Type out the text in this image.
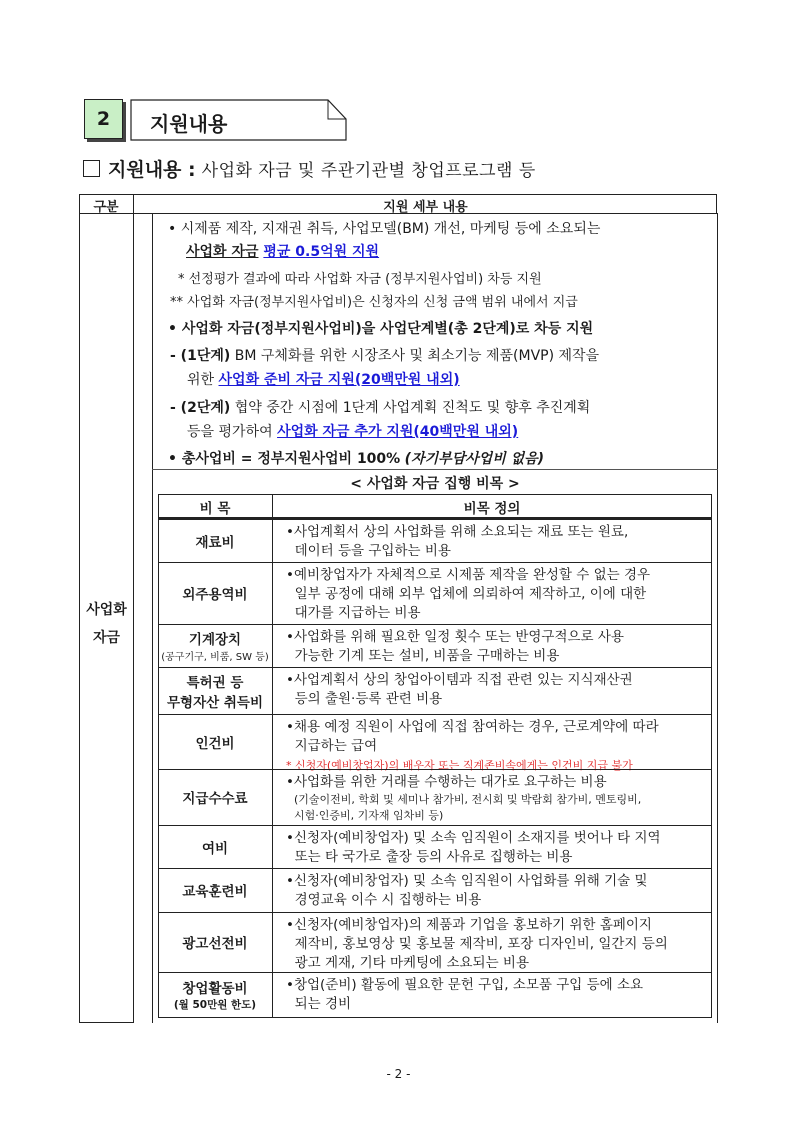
2 지원내용
지원내용 : 사업화 자금 및 주관기관별 창업프로그램 등
구분	지원 세부 내용
사업화
자금
• 시제품 제작, 지재권 취득, 사업모델(BM) 개선, 마케팅 등에 소요되는
사업화 자금 평균 0.5억원 지원
* 선정평가 결과에 따라 사업화 자금 (정부지원사업비) 차등 지원
** 사업화 자금(정부지원사업비)은 신청자의 신청 금액 범위 내에서 지급
• 사업화 자금(정부지원사업비)을 사업단계별(총 2단계)로 차등 지원
- (1단계) BM 구체화를 위한 시장조사 및 최소기능 제품(MVP) 제작을
위한 사업화 준비 자금 지원(20백만원 내외)
- (2단계) 협약 중간 시점에 1단계 사업계획 진척도 및 향후 추진계획
등을 평가하여 사업화 자금 추가 지원(40백만원 내외)
• 총사업비 = 정부지원사업비 100% (자기부담사업비 없음)
< 사업화 자금 집행 비목 >
비 목	비목 정의
재료비
•사업계획서 상의 사업화를 위해 소요되는 재료 또는 원료,
데이터 등을 구입하는 비용
외주용역비
•예비창업자가 자체적으로 시제품 제작을 완성할 수 없는 경우
일부 공정에 대해 외부 업체에 의뢰하여 제작하고, 이에 대한
대가를 지급하는 비용
기계장치
(공구기구, 비품, SW 등)
•사업화를 위해 필요한 일정 횟수 또는 반영구적으로 사용
가능한 기계 또는 설비, 비품을 구매하는 비용
특허권 등
무형자산 취득비
•사업계획서 상의 창업아이템과 직접 관련 있는 지식재산권
등의 출원·등록 관련 비용
인건비
•채용 예정 직원이 사업에 직접 참여하는 경우, 근로계약에 따라
지급하는 급여
* 신청자(예비창업자)의 배우자 또는 직계존비속에게는 인건비 지급 불가
지급수수료
•사업화를 위한 거래를 수행하는 대가로 요구하는 비용
(기술이전비, 학회 및 세미나 참가비, 전시회 및 박람회 참가비, 멘토링비,
시험·인증비, 기자재 임차비 등)
여비
•신청자(예비창업자) 및 소속 임직원이 소재지를 벗어나 타 지역
또는 타 국가로 출장 등의 사유로 집행하는 비용
교육훈련비
•신청자(예비창업자) 및 소속 임직원이 사업화를 위해 기술 및
경영교육 이수 시 집행하는 비용
광고선전비
•신청자(예비창업자)의 제품과 기업을 홍보하기 위한 홈페이지
제작비, 홍보영상 및 홍보물 제작비, 포장 디자인비, 일간지 등의
광고 게재, 기타 마케팅에 소요되는 비용
창업활동비
(월 50만원 한도)
•창업(준비) 활동에 필요한 문헌 구입, 소모품 구입 등에 소요
되는 경비
- 2 -
